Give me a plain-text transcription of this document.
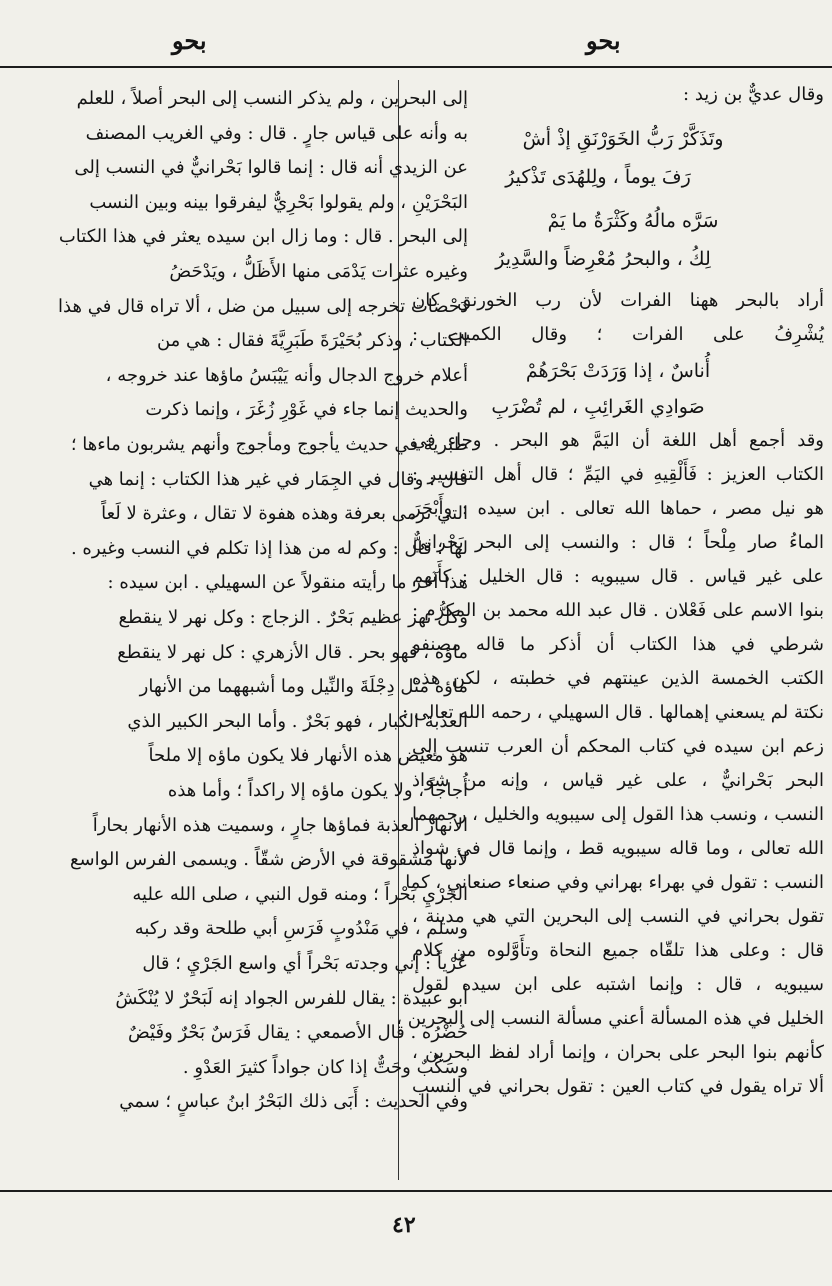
بحو
بحو
وقال عديٌّ بن زيد :
وتَذَكَّرْ رَبُّ الخَوَرْنَقِ إذْ أشْ
رَفَ يوماً ، ولِلهُدَى تَذْكيرُ
سَرَّه مالُهُ وكَثْرَةُ ما يَمْ
لِكُ ، والبحرُ مُعْرِضاً والسَّدِيرُ
أراد بالبحر ههنا الفرات لأن رب الخورنق كان
يُشْرِفُ على الفرات ؛ وقال الكميت :
أُناسٌ ، إذا وَرَدَتْ بَحْرَهُمْ
صَوادِي الغَرائِبِ ، لم تُضْرَبِ
وقد أجمع أهل اللغة أن اليَمَّ هو البحر . وجاء في
الكتاب العزيز : فَأَلْقِيهِ في اليَمِّ ؛ قال أهل التفسير :
هو نيل مصر ، حماها الله تعالى . ابن سيده : وأَبْحَرَ
الماءُ صار مِلْحاً ؛ قال : والنسب إلى البحر بَحْرانيٌّ
على غير قياس . قال سيبويه : قال الخليل : كأَنهم
بنوا الاسم على فَعْلان . قال عبد الله محمد بن المكرم :
شرطي في هذا الكتاب أن أذكر ما قاله مصنفو
الكتب الخمسة الذين عينتهم في خطبته ، لكن هذه
نكتة لم يسعني إهمالها . قال السهيلي ، رحمه الله تعالى :
زعم ابن سيده في كتاب المحكم أن العرب تنسب إلى
البحر بَحْرانيٌّ ، على غير قياس ، وإنه من شواذ
النسب ، ونسب هذا القول إلى سيبويه والخليل ، رحمهما
الله تعالى ، وما قاله سيبويه قط ، وإنما قال في شواذ
النسب : تقول في بهراء بهراني وفي صنعاء صنعاني ، كما
تقول بحراني في النسب إلى البحرين التي هي مدينة ،
قال : وعلى هذا تلقّاه جميع النحاة وتأَوَّلوه من كلام
سيبويه ، قال : وإنما اشتبه على ابن سيده لقول
الخليل في هذه المسألة أعني مسألة النسب إلى البحرين ،
كأنهم بنوا البحر على بحران ، وإنما أراد لفظ البحرين ،
ألا تراه يقول في كتاب العين : تقول بحراني في النسب
إلى البحرين ، ولم يذكر النسب إلى البحر أصلاً ، للعلم
به وأنه على قياس جارٍ . قال : وفي الغريب المصنف
عن الزيدي أنه قال : إنما قالوا بَحْرانيٌّ في النسب إلى
البَحْرَيْنِ ، ولم يقولوا بَحْرِيٌّ ليفرقوا بينه وبين النسب
إلى البحر . قال : وما زال ابن سيده يعثر في هذا الكتاب
وغيره عثرات يَدْمَى منها الأَظَلُّ ، ويَدْحَضُ
دَحْضات تخرجه إلى سبيل من ضل ، ألا تراه قال في هذا
الكتاب ، وذكر بُحَيْرَةَ طَبَرِيَّةَ فقال : هي من
أعلام خروج الدجال وأنه يَيْبَسُ ماؤها عند خروجه ،
والحديث إنما جاء في غَوْرِ زُغَرَ ، وإنما ذكرت
طبرية في حديث يأجوج ومأجوج وأنهم يشربون ماءها ؛
قال : وقال في الجِمَار في غير هذا الكتاب : إنما هي
التي ترمى بعرفة وهذه هفوة لا تقال ، وعثرة لا لَعاً
لها ؛ قال : وكم له من هذا إذا تكلم في النسب وغيره .
هذا آخر ما رأيته منقولاً عن السهيلي . ابن سيده :
وكلُّ نهر عظيم بَحْرٌ . الزجاج : وكل نهر لا ينقطع
ماؤه ، فهو بحر . قال الأزهري : كل نهر لا ينقطع
ماؤه مثل دِجْلَةَ والنِّيل وما أشبههما من الأنهار
العذبة الكبار ، فهو بَحْرٌ . وأما البحر الكبير الذي
هو مغيض هذه الأنهار فلا يكون ماؤه إلا ملحاً
أُجاجاً ، ولا يكون ماؤه إلا راكداً ؛ وأما هذه
الأنهار العذبة فماؤها جارٍ ، وسميت هذه الأنهار بحاراً
لأنها مشقوقة في الأرض شقّاً . ويسمى الفرس الواسع
الجَرْيِ بَحْراً ؛ ومنه قول النبي ، صلى الله عليه
وسلم ، في مَنْدُوبٍ فَرَسِ أبي طلحة وقد ركبه
عُرْياً : إني وجدته بَحْراً أي واسع الجَرْيِ ؛ قال
أبو عبيدة : يقال للفرس الجواد إنه لَبَحْرٌ لا يُنْكَشُ
حُضْرُه . قال الأصمعي : يقال فَرَسٌ بَحْرٌ وفَيْضٌ
وسَكْبٌ وحَتٌّ إذا كان جواداً كثيرَ العَدْوِ .
وفي الحديث : أَبَى ذلك البَحْرُ ابنُ عباسٍ ؛ سمي
٤٢
